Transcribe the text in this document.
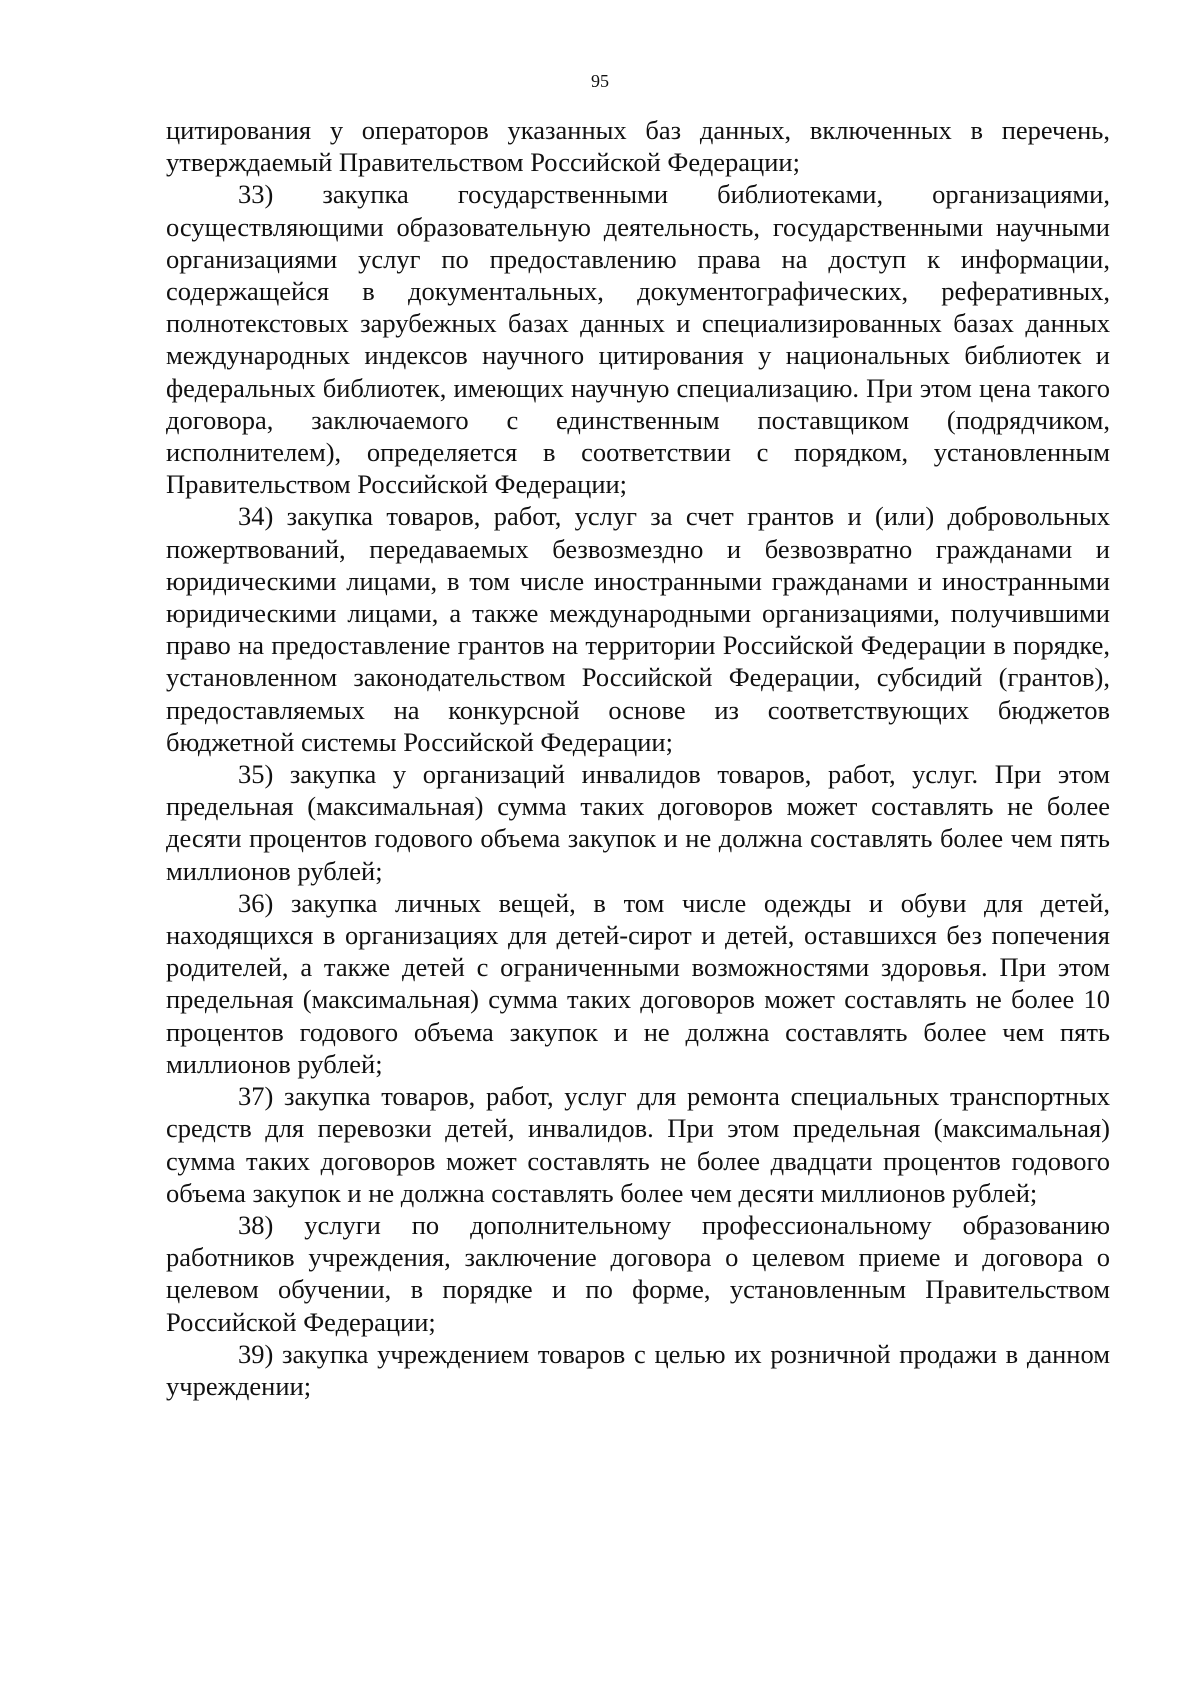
95

цитирования у операторов указанных баз данных, включенных в перечень, утверждаемый Правительством Российской Федерации;

33) закупка государственными библиотеками, организациями, осуществляющими образовательную деятельность, государственными научными организациями услуг по предоставлению права на доступ к информации, содержащейся в документальных, документографических, реферативных, полнотекстовых зарубежных базах данных и специализированных базах данных международных индексов научного цитирования у национальных библиотек и федеральных библиотек, имеющих научную специализацию. При этом цена такого договора, заключаемого с единственным поставщиком (подрядчиком, исполнителем), определяется в соответствии с порядком, установленным Правительством Российской Федерации;

34) закупка товаров, работ, услуг за счет грантов и (или) добровольных пожертвований, передаваемых безвозмездно и безвозвратно гражданами и юридическими лицами, в том числе иностранными гражданами и иностранными юридическими лицами, а также международными организациями, получившими право на предоставление грантов на территории Российской Федерации в порядке, установленном законодательством Российской Федерации, субсидий (грантов), предоставляемых на конкурсной основе из соответствующих бюджетов бюджетной системы Российской Федерации;

35) закупка у организаций инвалидов товаров, работ, услуг. При этом предельная (максимальная) сумма таких договоров может составлять не более десяти процентов годового объема закупок и не должна составлять более чем пять миллионов рублей;

36) закупка личных вещей, в том числе одежды и обуви для детей, находящихся в организациях для детей-сирот и детей, оставшихся без попечения родителей, а также детей с ограниченными возможностями здоровья. При этом предельная (максимальная) сумма таких договоров может составлять не более 10 процентов годового объема закупок и не должна составлять более чем пять миллионов рублей;

37) закупка товаров, работ, услуг для ремонта специальных транспортных средств для перевозки детей, инвалидов. При этом предельная (максимальная) сумма таких договоров может составлять не более двадцати процентов годового объема закупок и не должна составлять более чем десяти миллионов рублей;

38) услуги по дополнительному профессиональному образованию работников учреждения, заключение договора о целевом приеме и договора о целевом обучении, в порядке и по форме, установленным Правительством Российской Федерации;

39) закупка учреждением товаров с целью их розничной продажи в данном учреждении;
